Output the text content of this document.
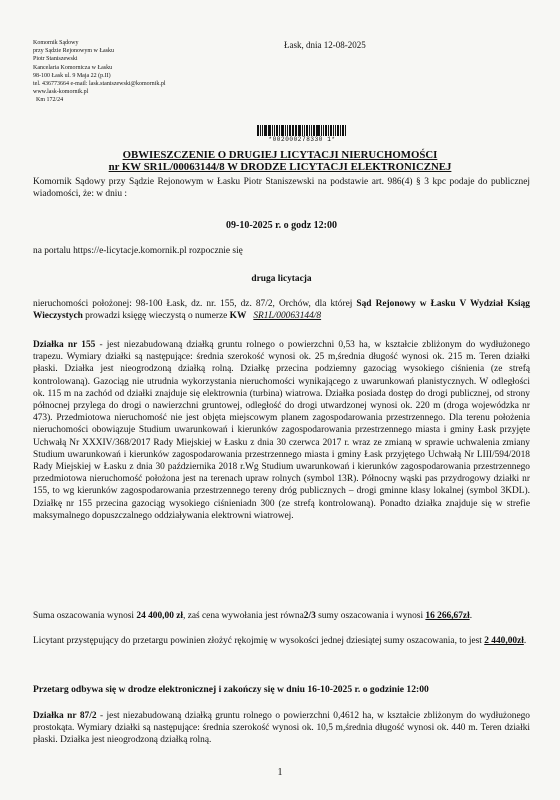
Komornik Sądowy
przy Sądzie Rejonowym w Łasku
Piotr Staniszewski
Kancelaria Komornicza w Łasku
98-100 Łask ul. 9 Maja 22 (p.II)
tel. 436773664 e-mail: lask.staniszewski@komornik.pl
www.lask-komornik.pl
Km 172/24
Łask, dnia 12-08-2025
*002000278330 1*
OBWIESZCZENIE O DRUGIEJ LICYTACJI NIERUCHOMOŚCI
nr KW SR1L/00063144/8 W DRODZE LICYTACJI ELEKTRONICZNEJ
Komornik Sądowy przy Sądzie Rejonowym w Łasku Piotr Staniszewski na podstawie art. 986(4) § 3 kpc podaje do publicznej wiadomości, że: w dniu :
09-10-2025 r. o godz 12:00
na portalu https://e-licytacje.komornik.pl rozpocznie się
druga licytacja
nieruchomości położonej: 98-100 Łask, dz. nr. 155, dz. 87/2, Orchów, dla której Sąd Rejonowy w Łasku V Wydział Ksiąg Wieczystych prowadzi księgę wieczystą o numerze KW SR1L/00063144/8
Działka nr 155 - jest niezabudowaną działką gruntu rolnego o powierzchni 0,53 ha, w kształcie zbliżonym do wydłużonego trapezu. Wymiary działki są następujące: średnia szerokość wynosi ok. 25 m,średnia długość wynosi ok. 215 m. Teren działki płaski. Działka jest nieogrodzoną działką rolną. Działkę przecina podziemny gazociąg wysokiego ciśnienia (ze strefą kontrolowaną). Gazociąg nie utrudnia wykorzystania nieruchomości wynikającego z uwarunkowań planistycznych. W odległości ok. 115 m na zachód od działki znajduje się elektrownia (turbina) wiatrowa. Działka posiada dostęp do drogi publicznej, od strony północnej przylega do drogi o nawierzchni gruntowej, odległość do drogi utwardzonej wynosi ok. 220 m (droga wojewódzka nr 473). Przedmiotowa nieruchomość nie jest objęta miejscowym planem zagospodarowania przestrzennego. Dla terenu położenia nieruchomości obowiązuje Studium uwarunkowań i kierunków zagospodarowania przestrzennego miasta i gminy Łask przyjęte Uchwałą Nr XXXIV/368/2017 Rady Miejskiej w Łasku z dnia 30 czerwca 2017 r. wraz ze zmianą w sprawie uchwalenia zmiany Studium uwarunkowań i kierunków zagospodarowania przestrzennego miasta i gminy Łask przyjętego Uchwałą Nr LIII/594/2018 Rady Miejskiej w Łasku z dnia 30 października 2018 r.Wg Studium uwarunkowań i kierunków zagospodarowania przestrzennego przedmiotowa nieruchomość położona jest na terenach upraw rolnych (symbol 13R). Północny wąski pas przydrogowy działki nr 155, to wg kierunków zagospodarowania przestrzennego tereny dróg publicznych – drogi gminne klasy lokalnej (symbol 3KDL). Działkę nr 155 przecina gazociąg wysokiego ciśnieniadn 300 (ze strefą kontrolowaną). Ponadto działka znajduje się w strefie maksymalnego dopuszczalnego oddziaływania elektrowni wiatrowej.
Suma oszacowania wynosi 24 400,00 zł, zaś cena wywołania jest równa2/3 sumy oszacowania i wynosi 16 266,67zł.
Licytant przystępujący do przetargu powinien złożyć rękojmię w wysokości jednej dziesiątej sumy oszacowania, to jest 2 440,00zł.
Przetarg odbywa się w drodze elektronicznej i zakończy się w dniu 16-10-2025 r. o godzinie 12:00
Działka nr 87/2 - jest niezabudowaną działką gruntu rolnego o powierzchni 0,4612 ha, w kształcie zbliżonym do wydłużonego prostokąta. Wymiary działki są następujące: średnia szerokość wynosi ok. 10,5 m,średnia długość wynosi ok. 440 m. Teren działki płaski. Działka jest nieogrodzoną działką rolną.
1
